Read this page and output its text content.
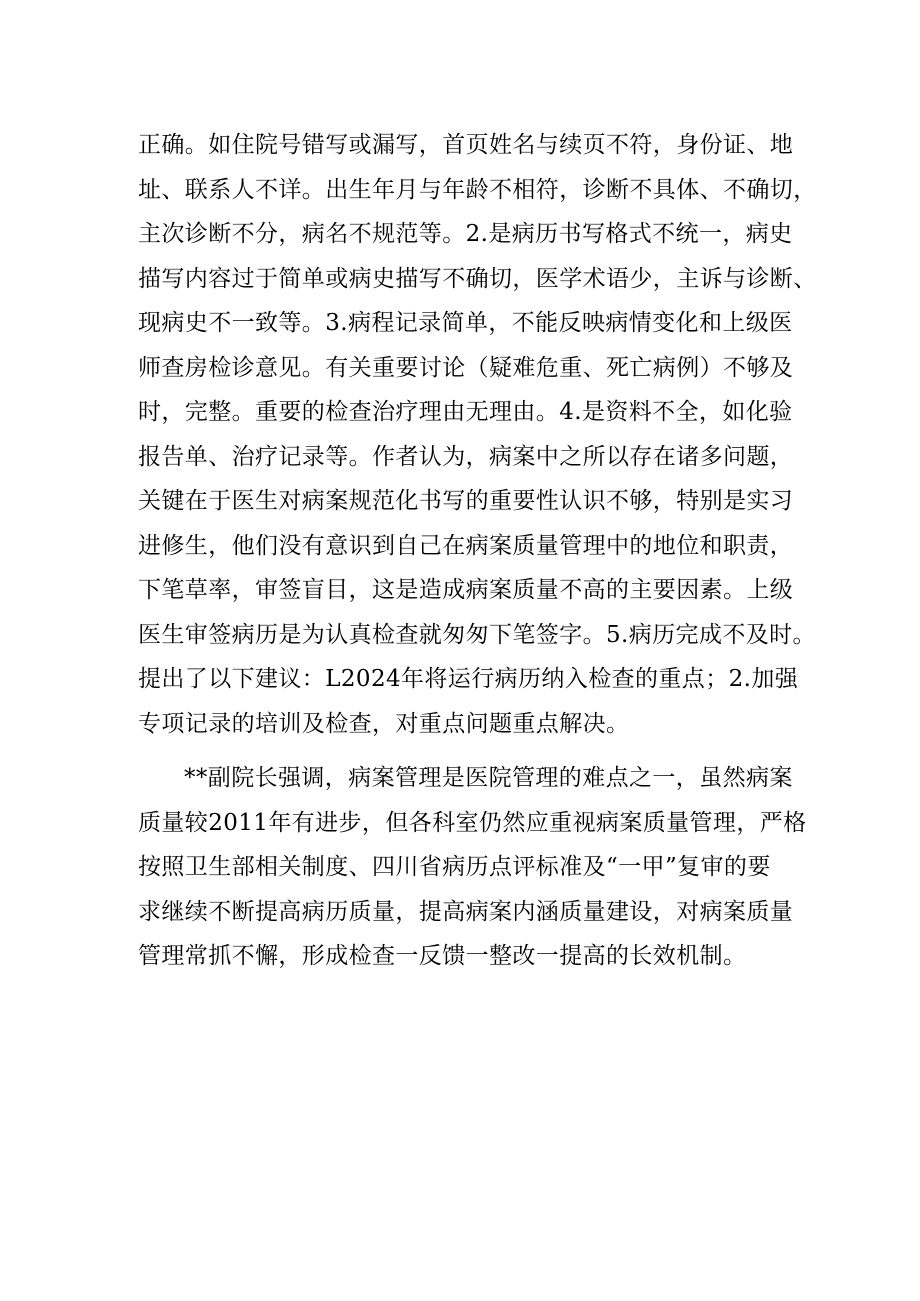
正确。如住院号错写或漏写，首页姓名与续页不符，身份证、地
址、联系人不详。出生年月与年龄不相符，诊断不具体、不确切，
主次诊断不分，病名不规范等。2.是病历书写格式不统一，病史
描写内容过于简单或病史描写不确切，医学术语少，主诉与诊断、
现病史不一致等。3.病程记录简单，不能反映病情变化和上级医
师查房检诊意见。有关重要讨论（疑难危重、死亡病例）不够及
时，完整。重要的检查治疗理由无理由。4.是资料不全，如化验
报告单、治疗记录等。作者认为，病案中之所以存在诸多问题，
关键在于医生对病案规范化书写的重要性认识不够，特别是实习
进修生，他们没有意识到自己在病案质量管理中的地位和职责，
下笔草率，审签盲目，这是造成病案质量不高的主要因素。上级
医生审签病历是为认真检查就匆匆下笔签字。5.病历完成不及时。
提出了以下建议：L2024年将运行病历纳入检查的重点；2.加强
专项记录的培训及检查，对重点问题重点解决。
**副院长强调，病案管理是医院管理的难点之一，虽然病案
质量较2011年有进步，但各科室仍然应重视病案质量管理，严格
按照卫生部相关制度、四川省病历点评标准及“一甲”复审的要
求继续不断提高病历质量，提高病案内涵质量建设，对病案质量
管理常抓不懈，形成检查一反馈一整改一提高的长效机制。
